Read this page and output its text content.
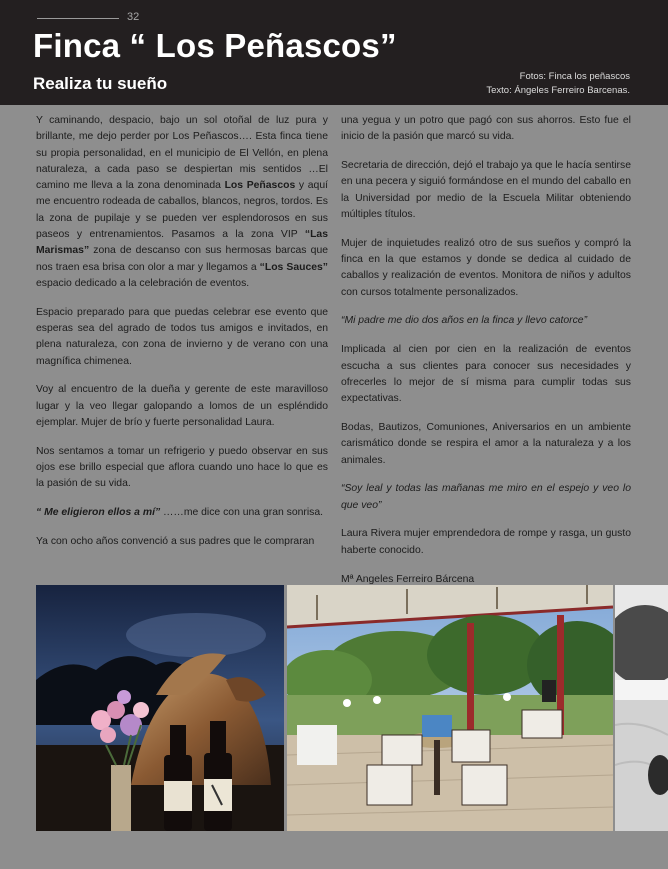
32
Finca “ Los Peñascos”
Realiza tu sueño	Fotos: Finca los peñascos
Texto: Ángeles Ferreiro Barcenas.

Y caminando, despacio, bajo un sol otoñal de luz pura y brillante, me dejo perder por Los Peñascos…. Esta finca tiene su propia personalidad, en el municipio de El Vellón, en plena naturaleza, a cada paso se despiertan mis sentidos …El camino me lleva a la zona denominada Los Peñascos y aquí me encuentro rodeada de caballos, blancos, negros, tordos. Es la zona de pupilaje y se pueden ver esplendorosos en sus paseos y entrenamientos. Pasamos a la zona VIP “Las Marismas” zona de descanso con sus hermosas barcas que nos traen esa brisa con olor a mar y llegamos a “Los Sauces” espacio dedicado a la celebración de eventos.

Espacio preparado para que puedas celebrar ese evento que esperas sea del agrado de todos tus amigos e invitados, en plena naturaleza, con zona de invierno y de verano con una magnífica chimenea.

Voy al encuentro de la dueña y gerente de este maravilloso lugar y la veo llegar galopando a lomos de un espléndido ejemplar. Mujer de brío y fuerte personalidad Laura.

Nos sentamos a tomar un refrigerio y puedo observar en sus ojos ese brillo especial que aflora cuando uno hace lo que es la pasión de su vida.

“ Me eligieron ellos a mí” ……me dice con una gran sonrisa.

Ya con ocho años convenció a sus padres que le compraran

una yegua y un potro que pagó con sus ahorros. Esto fue el inicio de la pasión que marcó su vida.

Secretaria de dirección, dejó el trabajo ya que le hacía sentirse en una pecera y siguió formándose en el mundo del caballo en la Universidad por medio de la Escuela Militar obteniendo múltiples títulos.

Mujer de inquietudes realizó otro de sus sueños y compró la finca en la que estamos y donde se dedica al cuidado de caballos y realización de eventos. Monitora de niños y adultos con cursos totalmente personalizados.

“Mi padre me dio dos años en la finca y llevo catorce”

Implicada al cien por cien en la realización de eventos escucha a sus clientes para conocer sus necesidades y ofrecerles lo mejor de sí misma para cumplir todas sus expectativas.

Bodas, Bautizos, Comuniones, Aniversarios en un ambiente carismático donde se respira el amor a la naturaleza y a los animales.

“Soy leal y todas las mañanas me miro en el espejo y veo lo que veo”

Laura Rivera mujer emprendedora de rompe y rasga, un gusto haberte conocido.

Mª Angeles Ferreiro Bárcena
